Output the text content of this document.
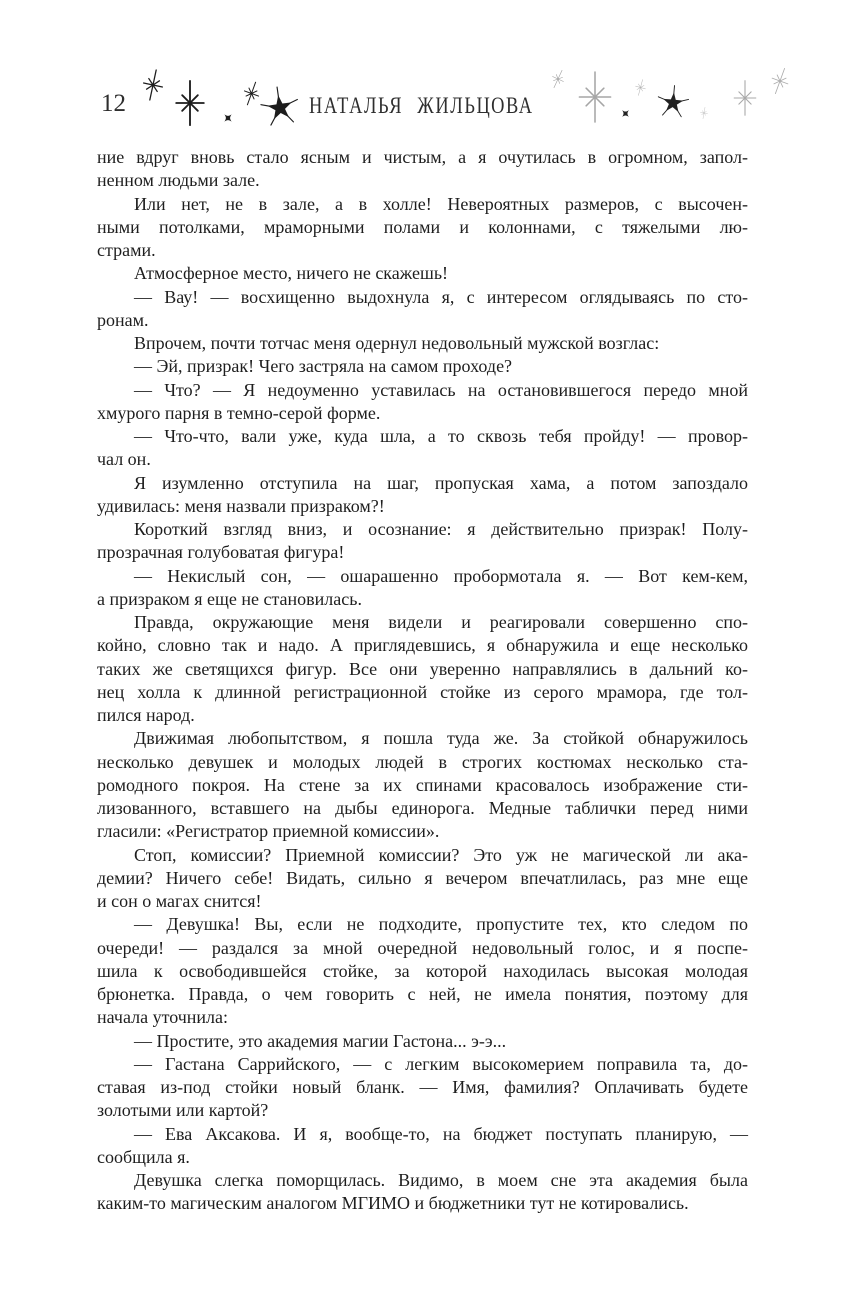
12	НАТАЛЬЯ ЖИЛЬЦОВА
ние вдруг вновь стало ясным и чистым, а я очутилась в огромном, запол-
ненном людьми зале.
Или нет, не в зале, а в холле! Невероятных размеров, с высочен-
ными потолками, мраморными полами и колоннами, с тяжелыми лю-
страми.
Атмосферное место, ничего не скажешь!
— Вау! — восхищенно выдохнула я, с интересом оглядываясь по сто-
ронам.
Впрочем, почти тотчас меня одернул недовольный мужской возглас:
— Эй, призрак! Чего застряла на самом проходе?
— Что? — Я недоуменно уставилась на остановившегося передо мной
хмурого парня в темно-серой форме.
— Что-что, вали уже, куда шла, а то сквозь тебя пройду! — провор-
чал он.
Я изумленно отступила на шаг, пропуская хама, а потом запоздало
удивилась: меня назвали призраком?!
Короткий взгляд вниз, и осознание: я действительно призрак! Полу-
прозрачная голубоватая фигура!
— Некислый сон, — ошарашенно пробормотала я. — Вот кем-кем,
а призраком я еще не становилась.
Правда, окружающие меня видели и реагировали совершенно спо-
койно, словно так и надо. А приглядевшись, я обнаружила и еще несколько
таких же светящихся фигур. Все они уверенно направлялись в дальний ко-
нец холла к длинной регистрационной стойке из серого мрамора, где тол-
пился народ.
Движимая любопытством, я пошла туда же. За стойкой обнаружилось
несколько девушек и молодых людей в строгих костюмах несколько ста-
ромодного покроя. На стене за их спинами красовалось изображение сти-
лизованного, вставшего на дыбы единорога. Медные таблички перед ними
гласили: «Регистратор приемной комиссии».
Стоп, комиссии? Приемной комиссии? Это уж не магической ли ака-
демии? Ничего себе! Видать, сильно я вечером впечатлилась, раз мне еще
и сон о магах снится!
— Девушка! Вы, если не подходите, пропустите тех, кто следом по
очереди! — раздался за мной очередной недовольный голос, и я поспе-
шила к освободившейся стойке, за которой находилась высокая молодая
брюнетка. Правда, о чем говорить с ней, не имела понятия, поэтому для
начала уточнила:
— Простите, это академия магии Гастона... э-э...
— Гастана Саррийского, — с легким высокомерием поправила та, до-
ставая из-под стойки новый бланк. — Имя, фамилия? Оплачивать будете
золотыми или картой?
— Ева Аксакова. И я, вообще-то, на бюджет поступать планирую, —
сообщила я.
Девушка слегка поморщилась. Видимо, в моем сне эта академия была
каким-то магическим аналогом МГИМО и бюджетники тут не котировались.
